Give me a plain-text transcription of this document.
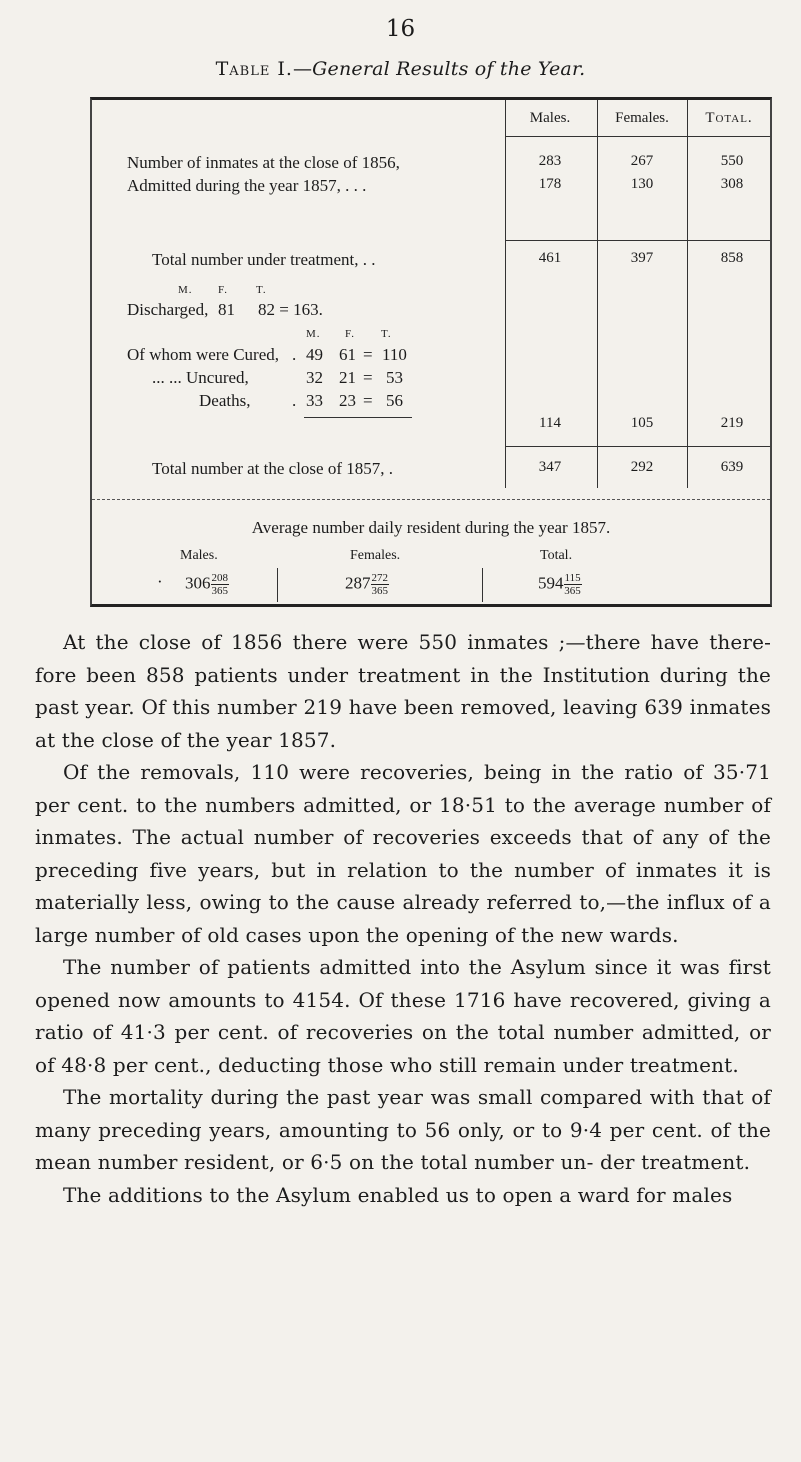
16
Table I.—General Results of the Year.
Males.	Females.	Total.
Number of inmates at the close of 1856,	283	267	550
Admitted during the year 1857, . . .	178	130	308
Total number under treatment, . .	461	397	858
M. F.	T.
Discharged, 81 82 = 163.
M. F. T.
Of whom were Cured, . 49 61 = 110
... ... Uncured,	32 21 = 53
Deaths, . 33 23 = 56
114	105	219
Total number at the close of 1857, .	347	292	639
Average number daily resident during the year 1857.
Males.	Females.	Total.
· $306 \frac{208}{365}$	$287 \frac{272}{365}$	$594 \frac{115}{365}$

At the close of 1856 there were 550 inmates ;—there have there- fore been 858 patients under treatment in the Institution during the past year. Of this number 219 have been removed, leaving 639 inmates at the close of the year 1857.

Of the removals, 110 were recoveries, being in the ratio of 35·71 per cent. to the numbers admitted, or 18·51 to the average number of inmates. The actual number of recoveries exceeds that of any of the preceding five years, but in relation to the number of inmates it is materially less, owing to the cause already referred to,—the influx of a large number of old cases upon the opening of the new wards.

The number of patients admitted into the Asylum since it was first opened now amounts to 4154. Of these 1716 have recovered, giving a ratio of 41·3 per cent. of recoveries on the total number admitted, or of 48·8 per cent., deducting those who still remain under treatment.

The mortality during the past year was small compared with that of many preceding years, amounting to 56 only, or to 9·4 per cent. of the mean number resident, or 6·5 on the total number un- der treatment.

The additions to the Asylum enabled us to open a ward for males
